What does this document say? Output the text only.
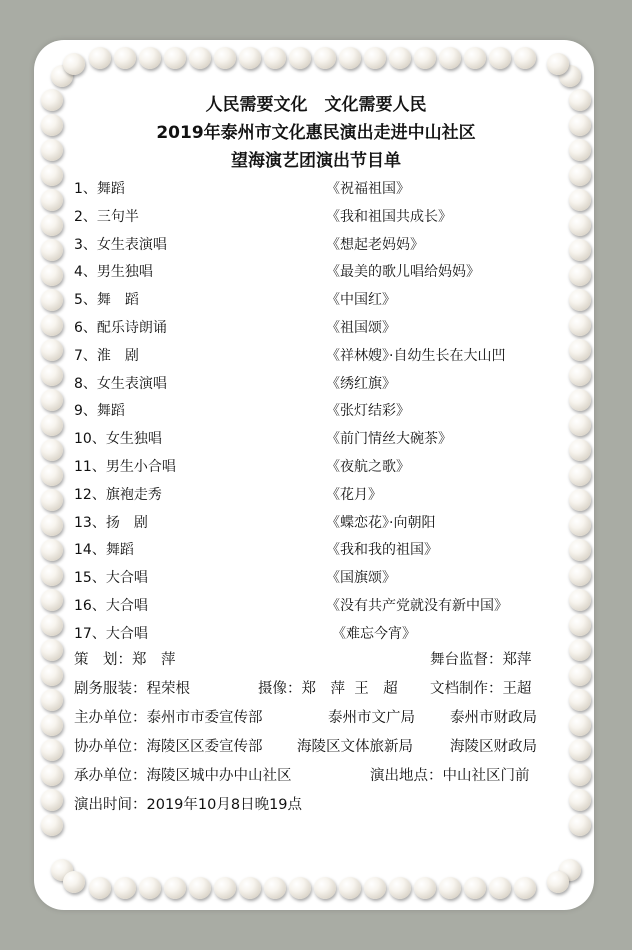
人民需要文化　文化需要人民
2019年泰州市文化惠民演出走进中山社区
望海演艺团演出节目单
1、舞蹈	《祝福祖国》
2、三句半	《我和祖国共成长》
3、女生表演唱	《想起老妈妈》
4、男生独唱	《最美的歌儿唱给妈妈》
5、舞　蹈	《中国红》
6、配乐诗朗诵	《祖国颂》
7、淮　剧	《祥林嫂》·自幼生长在大山凹
8、女生表演唱	《绣红旗》
9、舞蹈	《张灯结彩》
10、女生独唱	《前门情丝大碗茶》
11、男生小合唱	《夜航之歌》
12、旗袍走秀	《花月》
13、扬　剧	《蝶恋花》·向朝阳
14、舞蹈	《我和我的祖国》
15、大合唱	《国旗颂》
16、大合唱	《没有共产党就没有新中国》
17、大合唱	《难忘今宵》
策　划：郑　萍	舞台监督：郑萍
剧务服装：程荣根	摄像：郑　萍  王　超 文档制作：王超
主办单位：泰州市市委宣传部	泰州市文广局 泰州市财政局
协办单位：海陵区区委宣传部 海陵区文体旅新局	海陵区财政局
承办单位：海陵区城中办中山社区	演出地点：中山社区门前
演出时间：2019年10月8日晚19点
